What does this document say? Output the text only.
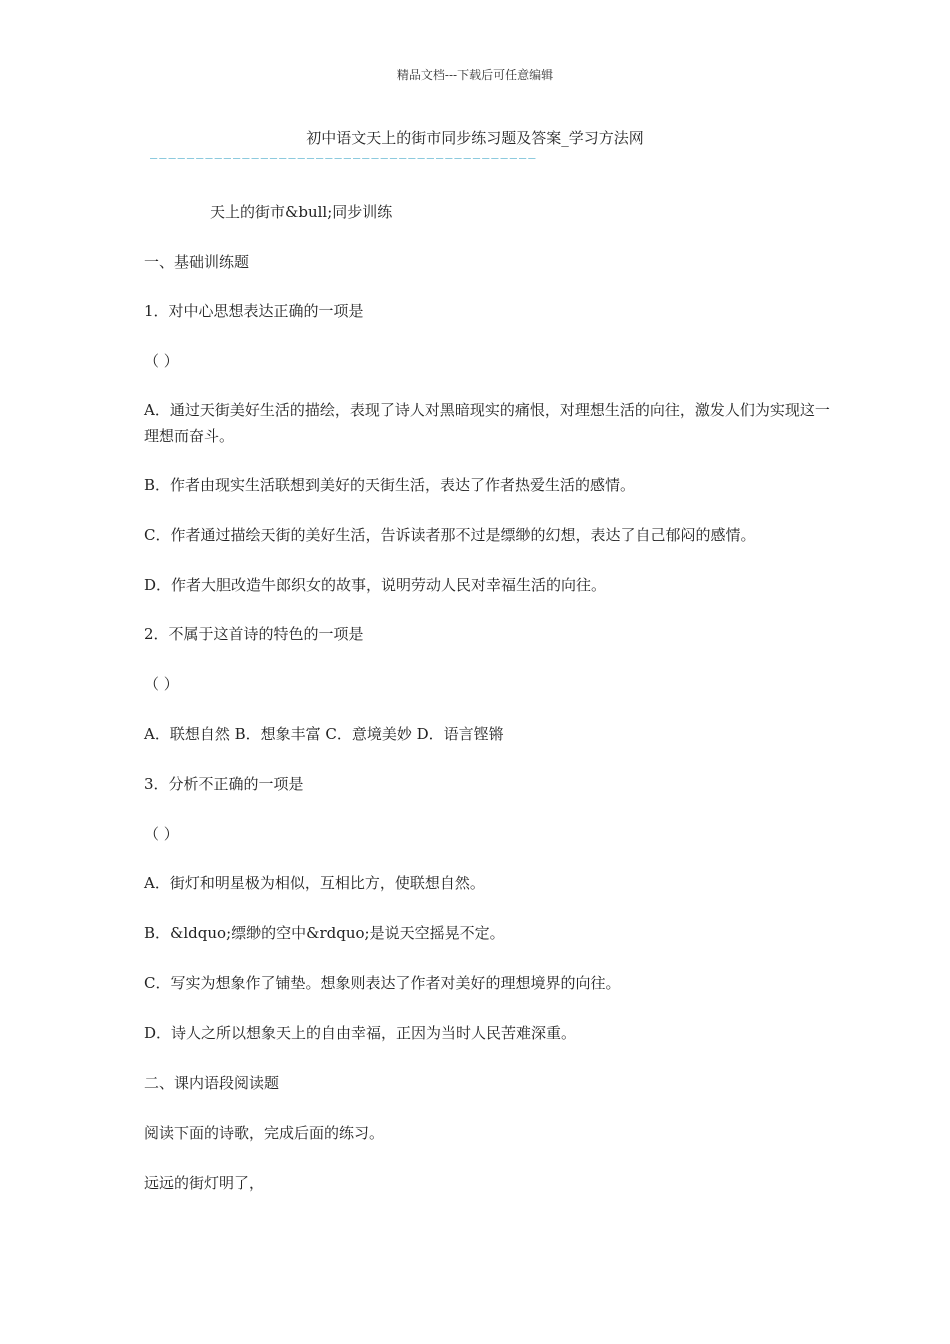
精品文档---下载后可任意编辑
初中语文天上的街市同步练习题及答案_学习方法网
——————————————————————————————————————————
天上的街市&bull;同步训练
一、基础训练题
1．对中心思想表达正确的一项是
（ ）
A．通过天街美好生活的描绘，表现了诗人对黑暗现实的痛恨，对理想生活的向往，激发人们为实现这一理想而奋斗。
B．作者由现实生活联想到美好的天街生活，表达了作者热爱生活的感情。
C．作者通过描绘天街的美好生活，告诉读者那不过是缥缈的幻想，表达了自己郁闷的感情。
D．作者大胆改造牛郎织女的故事，说明劳动人民对幸福生活的向往。
2．不属于这首诗的特色的一项是
（ ）
A．联想自然 B．想象丰富 C．意境美妙 D．语言铿锵
3．分析不正确的一项是
（ ）
A．街灯和明星极为相似，互相比方，使联想自然。
B．&ldquo;缥缈的空中&rdquo;是说天空摇晃不定。
C．写实为想象作了铺垫。想象则表达了作者对美好的理想境界的向往。
D．诗人之所以想象天上的自由幸福，正因为当时人民苦难深重。
二、课内语段阅读题
阅读下面的诗歌，完成后面的练习。
远远的街灯明了，
